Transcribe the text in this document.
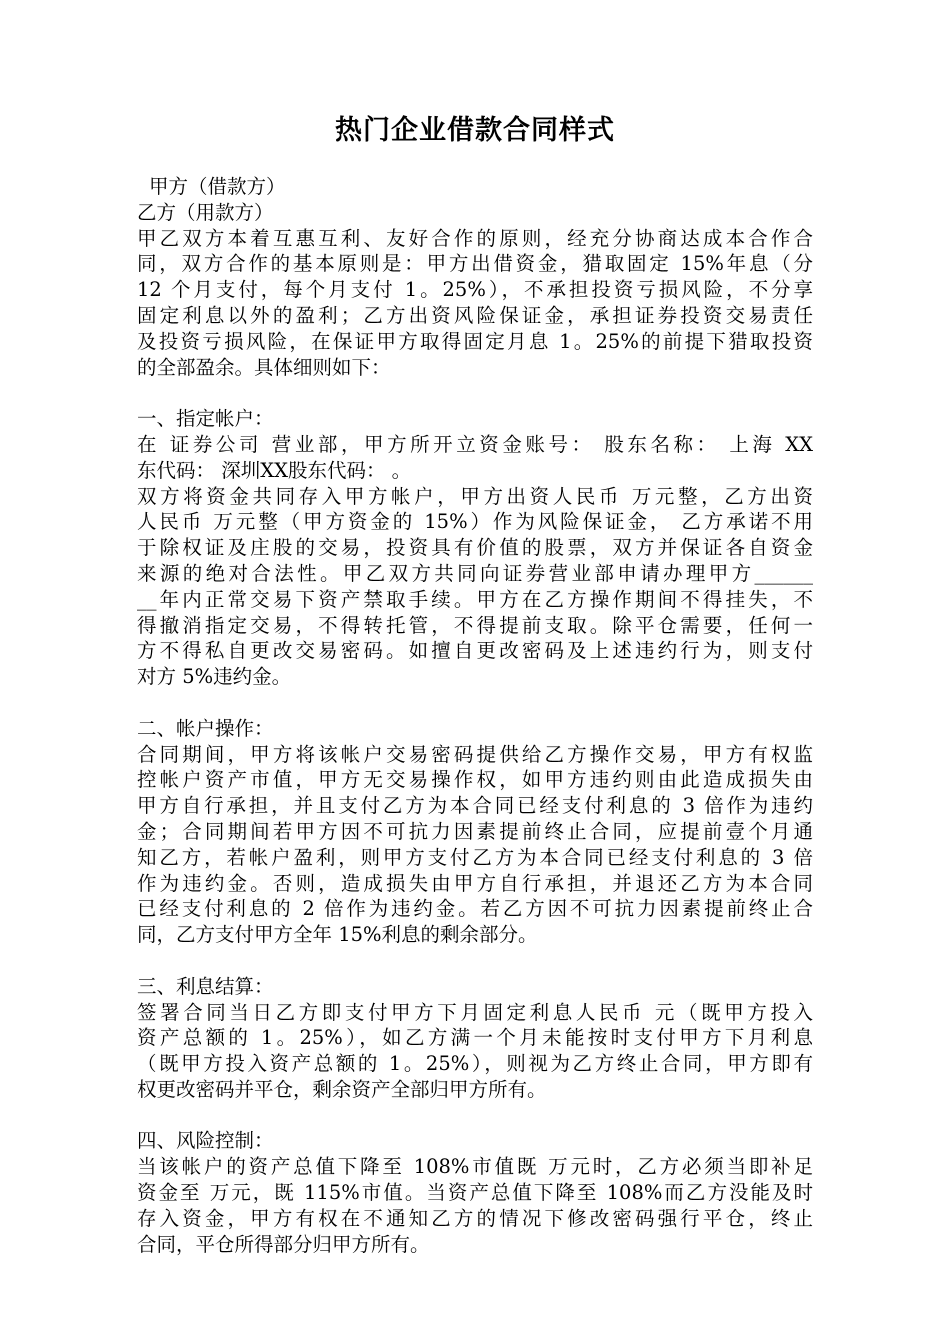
热门企业借款合同样式
甲方（借款方）
乙方（用款方）
甲乙双方本着互惠互利、友好合作的原则，经充分协商达成本合作合
同，双方合作的基本原则是：甲方出借资金，猎取固定 15%年息（分
12 个月支付，每个月支付 1。25%），不承担投资亏损风险，不分享
固定利息以外的盈利；乙方出资风险保证金，承担证券投资交易责任
及投资亏损风险，在保证甲方取得固定月息 1。25%的前提下猎取投资
的全部盈余。具体细则如下：
一、指定帐户：
在 证券公司 营业部，甲方所开立资金账号： 股东名称： 上海 XX
东代码： 深圳XX股东代码： 。
双方将资金共同存入甲方帐户，甲方出资人民币 万元整，乙方出资
人民币 万元整（甲方资金的 15%）作为风险保证金， 乙方承诺不用
于除权证及庄股的交易，投资具有价值的股票，双方并保证各自资金
来源的绝对合法性。甲乙双方共同向证券营业部申请办理甲方______
__年内正常交易下资产禁取手续。甲方在乙方操作期间不得挂失，不
得撤消指定交易，不得转托管，不得提前支取。除平仓需要，任何一
方不得私自更改交易密码。如擅自更改密码及上述违约行为，则支付
对方 5%违约金。
二、帐户操作：
合同期间，甲方将该帐户交易密码提供给乙方操作交易，甲方有权监
控帐户资产市值，甲方无交易操作权，如甲方违约则由此造成损失由
甲方自行承担，并且支付乙方为本合同已经支付利息的 3 倍作为违约
金；合同期间若甲方因不可抗力因素提前终止合同，应提前壹个月通
知乙方，若帐户盈利，则甲方支付乙方为本合同已经支付利息的 3 倍
作为违约金。否则，造成损失由甲方自行承担，并退还乙方为本合同
已经支付利息的 2 倍作为违约金。若乙方因不可抗力因素提前终止合
同，乙方支付甲方全年 15%利息的剩余部分。
三、利息结算：
签署合同当日乙方即支付甲方下月固定利息人民币 元（既甲方投入
资产总额的 1。25%），如乙方满一个月未能按时支付甲方下月利息
（既甲方投入资产总额的 1。25%），则视为乙方终止合同，甲方即有
权更改密码并平仓，剩余资产全部归甲方所有。
四、风险控制：
当该帐户的资产总值下降至 108%市值既 万元时，乙方必须当即补足
资金至 万元，既 115%市值。当资产总值下降至 108%而乙方没能及时
存入资金，甲方有权在不通知乙方的情况下修改密码强行平仓，终止
合同，平仓所得部分归甲方所有。
